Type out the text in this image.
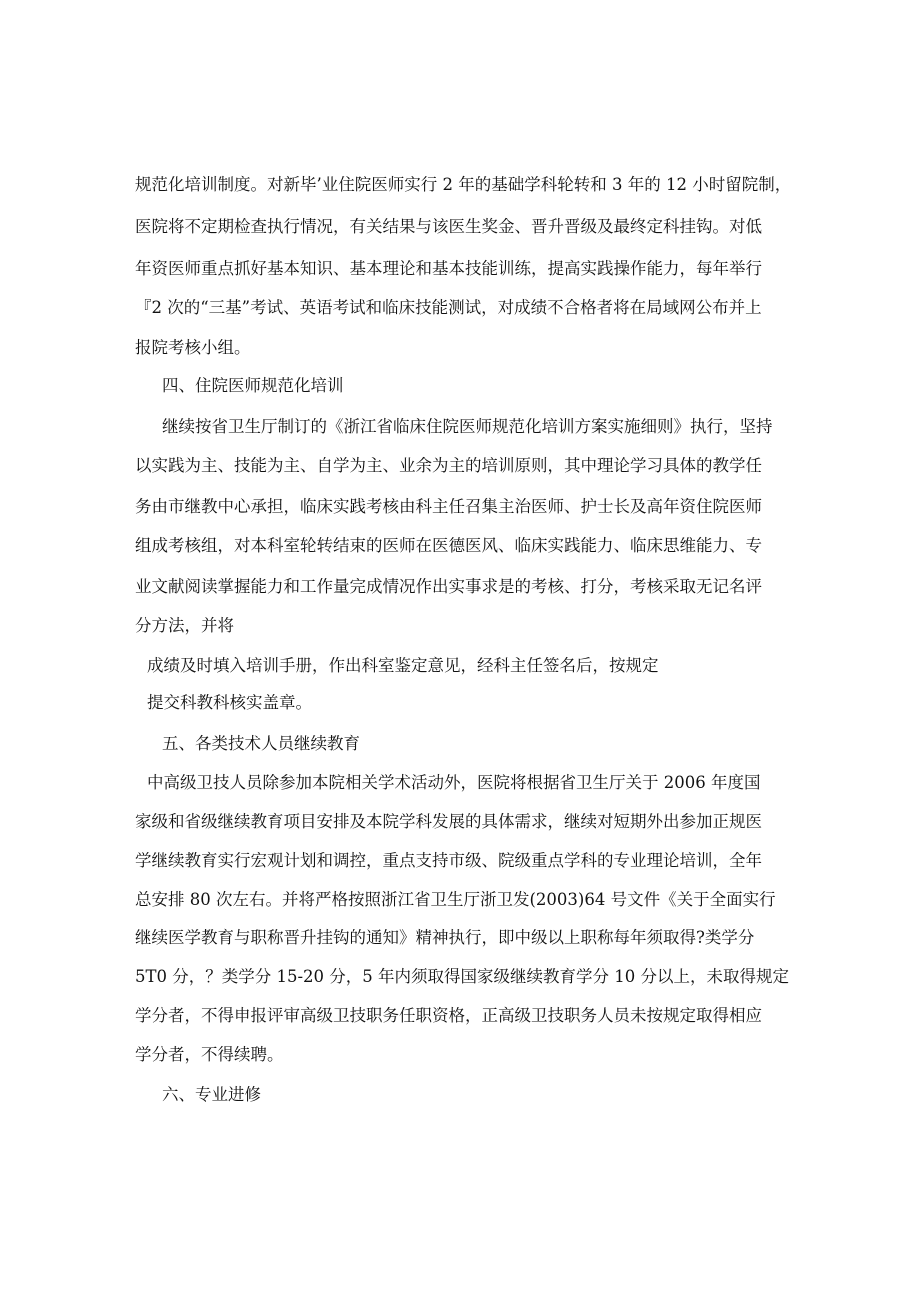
规范化培训制度。对新毕’业住院医师实行 2 年的基础学科轮转和 3 年的 12 小时留院制，
医院将不定期检查执行情况，有关结果与该医生奖金、晋升晋级及最终定科挂钩。对低
年资医师重点抓好基本知识、基本理论和基本技能训练，提高实践操作能力，每年举行
『2 次的“三基”考试、英语考试和临床技能测试，对成绩不合格者将在局域网公布并上
报院考核小组。
四、住院医师规范化培训
继续按省卫生厅制订的《浙江省临床住院医师规范化培训方案实施细则》执行，坚持
以实践为主、技能为主、自学为主、业余为主的培训原则，其中理论学习具体的教学任
务由市继教中心承担，临床实践考核由科主任召集主治医师、护士长及高年资住院医师
组成考核组，对本科室轮转结束的医师在医德医风、临床实践能力、临床思维能力、专
业文献阅读掌握能力和工作量完成情况作出实事求是的考核、打分，考核采取无记名评
分方法，并将
成绩及时填入培训手册，作出科室鉴定意见，经科主任签名后，按规定
提交科教科核实盖章。
五、各类技术人员继续教育
中高级卫技人员除参加本院相关学术活动外，医院将根据省卫生厅关于 2006 年度国
家级和省级继续教育项目安排及本院学科发展的具体需求，继续对短期外出参加正规医
学继续教育实行宏观计划和调控，重点支持市级、院级重点学科的专业理论培训，全年
总安排 80 次左右。并将严格按照浙江省卫生厅浙卫发(2003)64 号文件《关于全面实行
继续医学教育与职称晋升挂钩的通知》精神执行，即中级以上职称每年须取得?类学分
5T0 分，？类学分 15-20 分，5 年内须取得国家级继续教育学分 10 分以上，未取得规定
学分者，不得申报评审高级卫技职务任职资格，正高级卫技职务人员未按规定取得相应
学分者，不得续聘。
六、专业进修
